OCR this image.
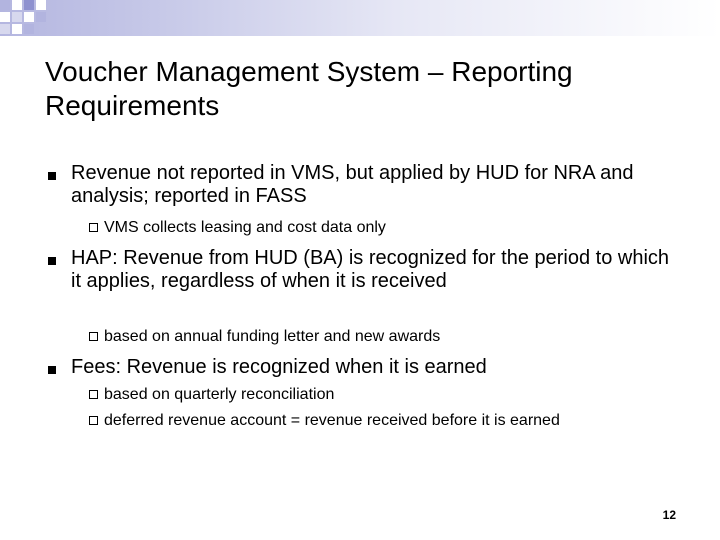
Voucher Management System – Reporting Requirements
Revenue not reported in VMS, but applied by HUD for NRA and analysis; reported in FASS
VMS collects leasing and cost data only
HAP: Revenue from HUD (BA) is recognized for the period to which it applies, regardless of when it is received
based on annual funding letter and new awards
Fees: Revenue is recognized when it is earned
based on quarterly reconciliation
deferred revenue account = revenue received before it is earned
12
